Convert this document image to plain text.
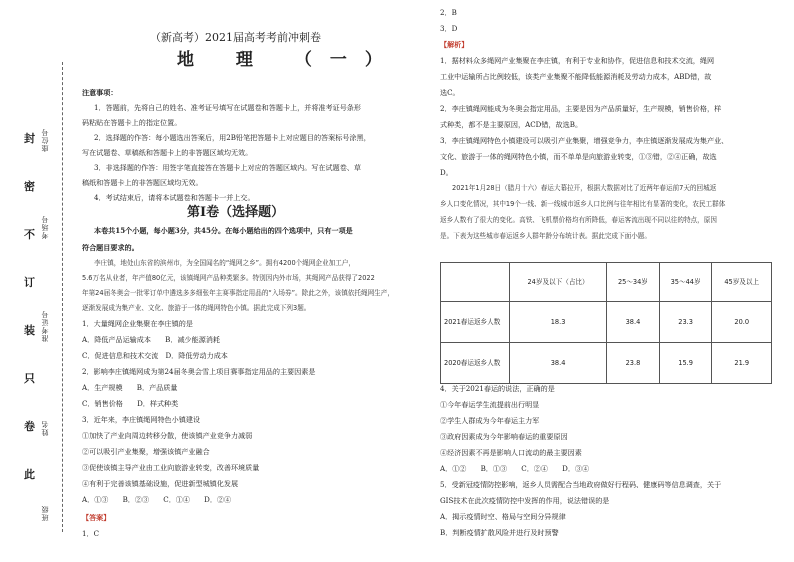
封
密
不
订
装
只
卷
此
座位号
考场号
准考证号
姓名
班级
（新高考）2021届高考考前冲刺卷
地 理 （一）
注意事项：
1．答题前，先将自己的姓名、准考证号填写在试题卷和答题卡上，并将准考证号条形
码粘贴在答题卡上的指定位置。
2．选择题的作答：每小题选出答案后，用2B铅笔把答题卡上对应题目的答案标号涂黑，
写在试题卷、草稿纸和答题卡上的非答题区域均无效。
3．非选择题的作答：用签字笔直接答在答题卡上对应的答题区域内。写在试题卷、草
稿纸和答题卡上的非答题区域均无效。
4．考试结束后，请将本试题卷和答题卡一并上交。
第Ⅰ卷（选择题）
本卷共15个小题，每小题3分，共45分。在每小题给出的四个选项中，只有一项是
符合题目要求的。
李庄镇，地处山东省的滨州市，为全国闻名的“绳网之乡”。拥有4200个绳网企业加工户，
5.6万名从业者，年产值80亿元，该镇绳网产品种类繁多。特别因内外市场，其绳网产品获得了2022
年第24届冬奥会一批零订单中遴选多多细张年主赛事指定用品的“入场券”。除此之外，该镇依托绳网生产，
逐渐发展成为集产业、文化、旅游于一体的绳网特色小镇。据此完成下列3题。
1．大量绳网企业集聚在李庄镇的是
A．降低产品运输成本　　B．减少能源消耗
C．促进信息和技术交流　D．降低劳动力成本
2．影响李庄镇绳网成为第24届冬奥会雪上项目赛事指定用品的主要因素是
A．生产规模　　B．产品质量
C．销售价格　　D．样式种类
3．近年来，李庄镇绳网特色小镇建设
①加快了产业向周边转移分散，使该镇产业竞争力减弱
②可以吸引产业集聚，增强该镇产业融合
③促使该镇主导产业由工业向旅游业转变，改善环境质量
④有利于完善该镇基础设施，促进新型城镇化发展
A．①③　　B．②③　　C．①④　　D．②④
【答案】
1．C
2．B
3．D
【解析】
1．据材料众多绳网产业集聚在李庄镇，有利于专业和协作，促进信息和技术交流，绳网
工业中运输所占比例较低，该类产业集聚不能降低能源消耗及劳动力成本，ABD错，故
选C。
2．李庄镇绳网能成为冬奥会指定用品，主要是因为产品质量好，生产规模，销售价格，样
式种类，都不是主要原因，ACD错，故选B。
3．李庄镇绳网特色小镇建设可以吸引产业集聚，增强竞争力，李庄镇逐渐发展成为集产业、
文化、旅游于一体的绳网特色小镇，而不单单是向旅游业转变，①③错，②④正确，故选
D。
2021年1月28日（腊月十六）春运大幕拉开，根据大数据对比了近两年春运前7天的回城返
乡人口变化情况，其中19个一线、新一线城市返乡人口比例与往年相比有显著的变化，农民工群体
返乡人数有了很大的变化。高铁、飞机票价格均有所降低，春运客流出现不同以往的特点，原因
是。下表为这些城市春运返乡人群年龄分布统计表。据此完成下面小题。
	24岁及以下（占比）	25～34岁	35～44岁	45岁及以上
2021春运返乡人数	18.3	38.4	23.3	20.0
2020春运返乡人数	38.4	23.8	15.9	21.9
4．关于2021春运的说法，正确的是
①今年春运学生流提前出行明显
②学生人群成为今年春运主力军
③政府因素成为今年影响春运的重要原因
④经济因素不再是影响人口流动的最主要因素
A．①②　　B．①③　　C．②④　　D．③④
5．受新冠疫情防控影响，返乡人员需配合当地政府做好行程码、健康码等信息调查，关于
GIS技术在此次疫情防控中发挥的作用，说法错误的是
A．揭示疫情时空、格局与空间分异规律
B．判断疫情扩散风险并进行及时预警
